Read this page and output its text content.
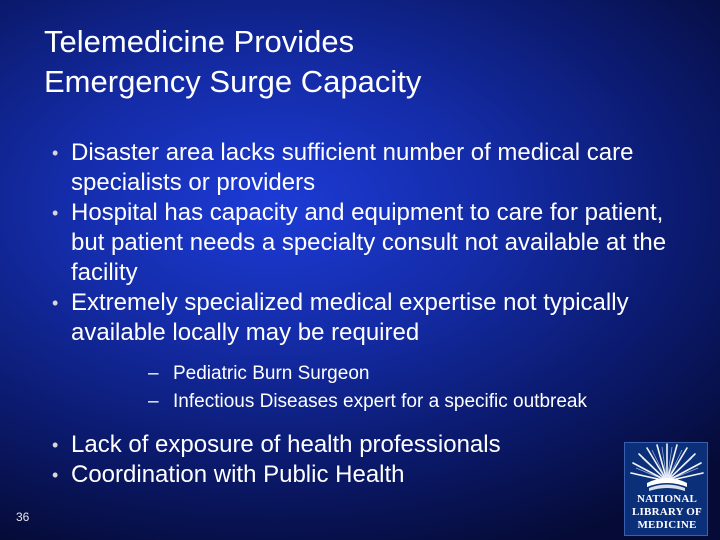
Telemedicine Provides
Emergency Surge Capacity
• Disaster area lacks sufficient number of medical care specialists or providers
• Hospital has capacity and equipment to care for patient, but patient needs a specialty consult not available at the facility
• Extremely specialized medical expertise not typically available locally may be required
– Pediatric Burn Surgeon
– Infectious Diseases expert for a specific outbreak
• Lack of exposure of health professionals
• Coordination with Public Health
36
NATIONAL
LIBRARY OF
MEDICINE
